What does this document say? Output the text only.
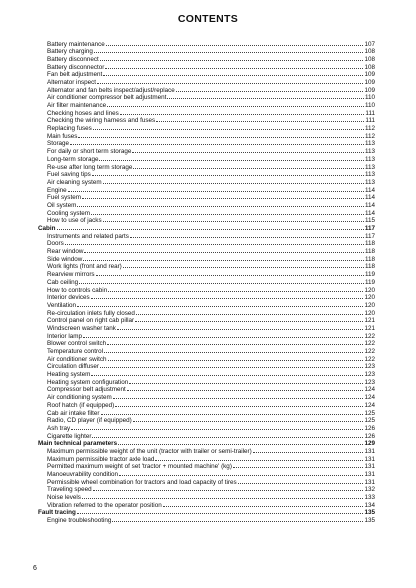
CONTENTS
Battery maintenance	107
Battery charging	108
Battery disconnect	108
Battery disconnector	108
Fan belt adjustment	109
Alternator inspect	109
Alternator and fan belts inspect/adjust/replace	109
Air conditioner compressor belt adjustment	110
Air filter maintenance	110
Checking hoses and lines	111
Checking the wiring harness and fuses	111
Replacing fuses	112
Main fuses	112
Storage	113
For daily or short term storage	113
Long-term storage	113
Re-use after long term storage	113
Fuel saving tips	113
Air cleaning system	113
Engine	114
Fuel system	114
Oil system	114
Cooling system	114
How to use of jacks	115
Cabin	117
Instruments and related parts	117
Doors	118
Rear window	118
Side window	118
Work lights (front and rear)	118
Rearview mirrors	119
Cab ceiling	119
How to controls cabin	120
Interior devices	120
Ventilation	120
Re-circulation inlets fully closed	120
Control panel on right cab pillar	121
Windscreen washer tank	121
Interior lamp	122
Blower control switch	122
Temperature control	122
Air conditioner switch	122
Circulation diffuser	123
Heating system	123
Heating system configuration	123
Compressor belt adjustment	124
Air conditioning system	124
Roof hatch (if equipped)	124
Cab air intake filter	125
Radio, CD player (if equipped)	125
Ash tray	126
Cigarette lighter	126
Main technical parameters	129
Maximum permissible weight of the unit (tractor with trailer or semi-trailer)	131
Maximum permissible tractor axle load	131
Permitted maximum weight of set 'tractor + mounted machine' (kg)	131
Manoeuvrability condition	131
Permissible wheel combination for tractors and load capacity of tires	131
Traveling speed	132
Noise levels	133
Vibration referred to the operator position	134
Fault tracing	135
Engine troubleshooting	135
6
